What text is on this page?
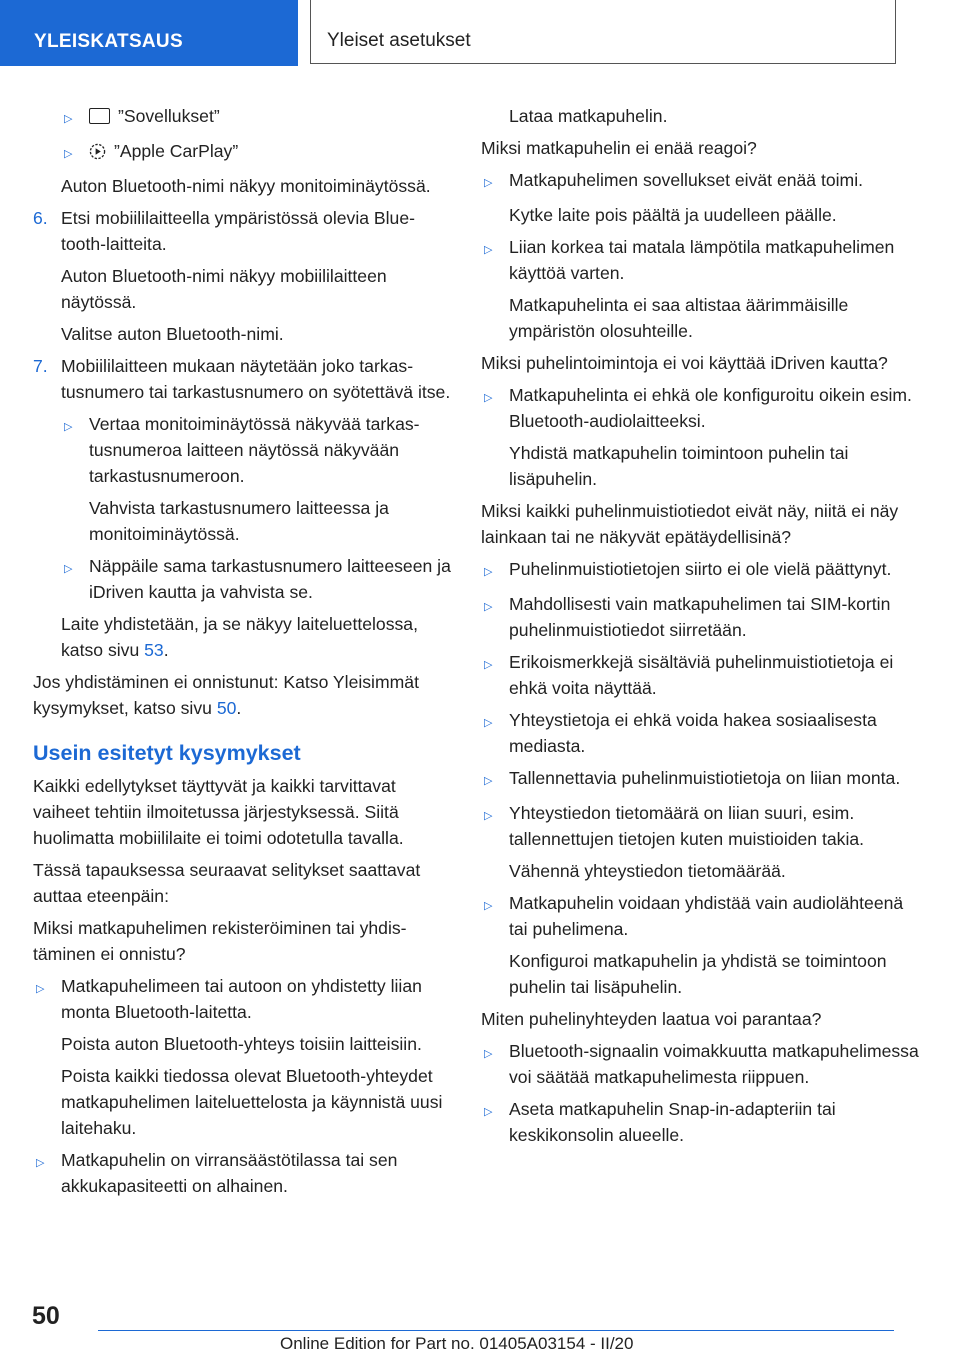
YLEISKATSAUS	Yleiset asetukset
▷	”Sovellukset”
▷	”Apple CarPlay”

Auton Bluetooth-nimi näkyy monitoiminäytössä.

6. Etsi mobiililaitteella ympäristössä olevia Bluetooth-laitteita.

Auton Bluetooth-nimi näkyy mobiililaitteen näytössä.

Valitse auton Bluetooth-nimi.

7. Mobiililaitteen mukaan näytetään joko tarkastusnumero tai tarkastusnumero on syötettävä itse.
▷ Vertaa monitoiminäytössä näkyvää tarkastusnumeroa laitteen näytössä näkyvään tarkastusnumeroon.

Vahvista tarkastusnumero laitteessa ja monitoiminäytössä.

▷ Näppäile sama tarkastusnumero laitteeseen ja iDriven kautta ja vahvista se.

Laite yhdistetään, ja se näkyy laiteluettelossa, katso sivu 53.

Jos yhdistäminen ei onnistunut: Katso Yleisimmät kysymykset, katso sivu 50.

Usein esitetyt kysymykset

Kaikki edellytykset täyttyvät ja kaikki tarvittavat vaiheet tehtiin ilmoitetussa järjestyksessä. Siitä huolimatta mobiililaite ei toimi odotetulla tavalla.

Tässä tapauksessa seuraavat selitykset saattavat auttaa eteenpäin:

Miksi matkapuhelimen rekisteröiminen tai yhdistäminen ei onnistu?

▷ Matkapuhelimeen tai autoon on yhdistetty liian monta Bluetooth-laitetta.

Poista auton Bluetooth-yhteys toisiin laitteisiin.

Poista kaikki tiedossa olevat Bluetooth-yhteydet matkapuhelimen laiteluettelosta ja käynnistä uusi laitehaku.

▷ Matkapuhelin on virransäästötilassa tai sen akkukapasiteetti on alhainen.

Lataa matkapuhelin.

Miksi matkapuhelin ei enää reagoi?

▷ Matkapuhelimen sovellukset eivät enää toimi.

Kytke laite pois päältä ja uudelleen päälle.

▷ Liian korkea tai matala lämpötila matkapuhelimen käyttöä varten.

Matkapuhelinta ei saa altistaa äärimmäisille ympäristön olosuhteille.

Miksi puhelintoimintoja ei voi käyttää iDriven kautta?

▷ Matkapuhelinta ei ehkä ole konfiguroitu oikein esim. Bluetooth-audiolaitteeksi.

Yhdistä matkapuhelin toimintoon puhelin tai lisäpuhelin.

Miksi kaikki puhelinmuistiotiedot eivät näy, niitä ei näy lainkaan tai ne näkyvät epätäydellisinä?

▷ Puhelinmuistiotietojen siirto ei ole vielä päättynyt.
▷ Mahdollisesti vain matkapuhelimen tai SIM-kortin puhelinmuistiotiedot siirretään.
▷ Erikoismerkkejä sisältäviä puhelinmuistiotietoja ei ehkä voita näyttää.
▷ Yhteystietoja ei ehkä voida hakea sosiaalisesta mediasta.
▷ Tallennettavia puhelinmuistiotietoja on liian monta.
▷ Yhteystiedon tietomäärä on liian suuri, esim. tallennettujen tietojen kuten muistioiden takia.

Vähennä yhteystiedon tietomäärää.

▷ Matkapuhelin voidaan yhdistää vain audiolähteenä tai puhelimena.

Konfiguroi matkapuhelin ja yhdistä se toimintoon puhelin tai lisäpuhelin.

Miten puhelinyhteyden laatua voi parantaa?

▷ Bluetooth-signaalin voimakkuutta matkapuhelimessa voi säätää matkapuhelimesta riippuen.
▷ Aseta matkapuhelin Snap-in-adapteriin tai keskikonsolin alueelle.
50
Online Edition for Part no. 01405A03154 - II/20
